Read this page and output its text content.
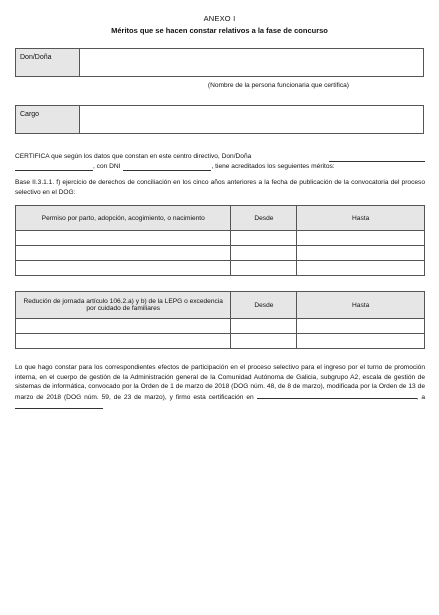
ANEXO I
Méritos que se hacen constar relativos a la fase de concurso
Don/Doña
(Nombre de la persona funcionaria que certifica)
Cargo
CERTIFICA que según los datos que constan en este centro directivo, Don/Doña
, con DNI	, tiene acreditados los seguientes méritos:
Base II.3.1.1. f) ejercicio de derechos de conciliación en los cinco años anteriores a la fecha de publicación de la convocatoria del proceso selectivo en el DOG:
Permiso por parto, adopción, acogimiento, o nacimiento	Desde	Hasta

Redución de jornada artículo 106.2.a) y b) de la LEPG o excedencia por cuidado de familiares	Desde	Hasta

Lo que hago constar para los correspondientes efectos de participación en el proceso selectivo para el ingreso por el turno de promoción interna, en el cuerpo de gestión de la Administración general de la Comunidad Autónoma de Galicia, subgrupo A2, escala de gestión de sistemas de informática, convocado por la Orden de 1 de marzo de 2018 (DOG núm. 48, de 8 de marzo), modificada por la Orden de 13 de marzo de 2018 (DOG núm. 59, de 23 de marzo), y firmo esta certificación en	, a
